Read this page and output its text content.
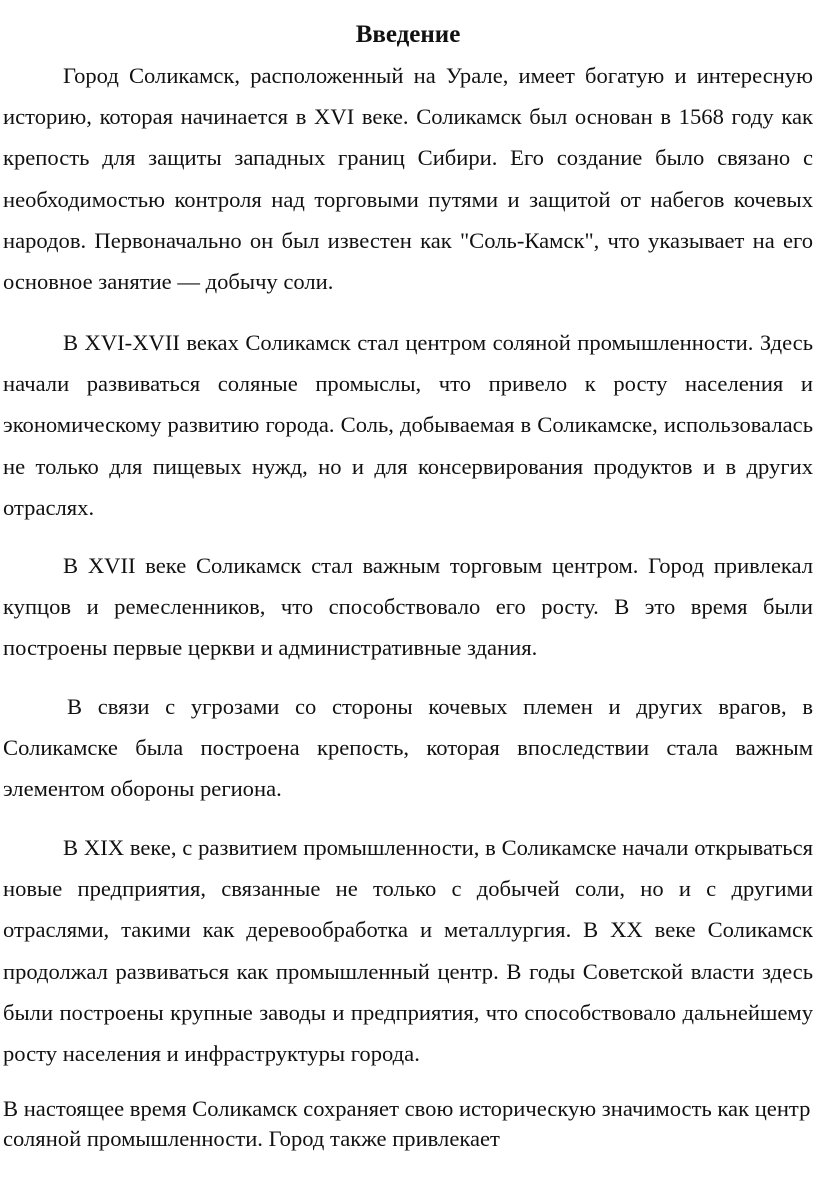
Введение

Город Соликамск, расположенный на Урале, имеет богатую и интересную историю, которая начинается в XVI веке. Соликамск был основан в 1568 году как крепость для защиты западных границ Сибири. Его создание было связано с необходимостью контроля над торговыми путями и защитой от набегов кочевых народов. Первоначально он был известен как "Соль-Камск", что указывает на его основное занятие — добычу соли.

В XVI-XVII веках Соликамск стал центром соляной промышленности. Здесь начали развиваться соляные промыслы, что привело к росту населения и экономическому развитию города. Соль, добываемая в Соликамске, использовалась не только для пищевых нужд, но и для консервирования продуктов и в других отраслях.

В XVII веке Соликамск стал важным торговым центром. Город привлекал купцов и ремесленников, что способствовало его росту. В это время были построены первые церкви и административные здания.

В связи с угрозами со стороны кочевых племен и других врагов, в Соликамске была построена крепость, которая впоследствии стала важным элементом обороны региона.

В XIX веке, с развитием промышленности, в Соликамске начали открываться новые предприятия, связанные не только с добычей соли, но и с другими отраслями, такими как деревообработка и металлургия. В XX веке Соликамск продолжал развиваться как промышленный центр. В годы Советской власти здесь были построены крупные заводы и предприятия, что способствовало дальнейшему росту населения и инфраструктуры города.

В настоящее время Соликамск сохраняет свою историческую значимость как центр соляной промышленности. Город также привлекает
